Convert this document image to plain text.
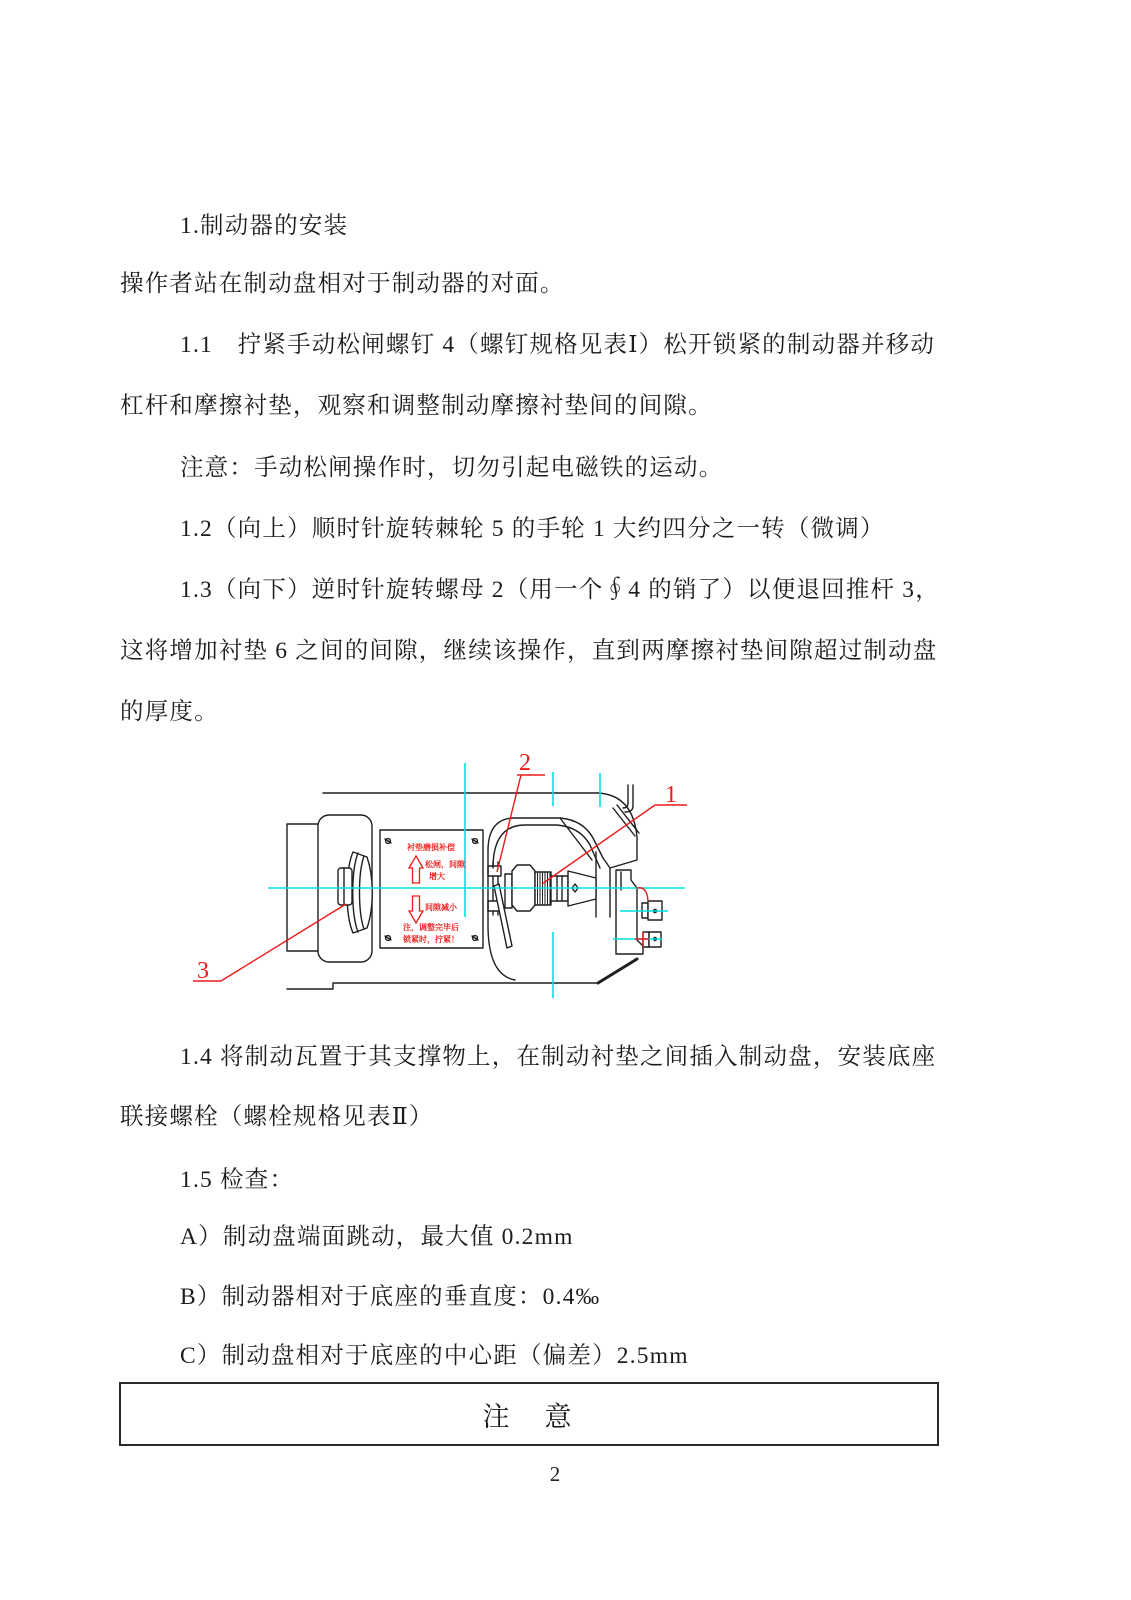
1.制动器的安装
操作者站在制动盘相对于制动器的对面。
1.1　拧紧手动松闸螺钉 4（螺钉规格见表Ⅰ）松开锁紧的制动器并移动
杠杆和摩擦衬垫，观察和调整制动摩擦衬垫间的间隙。
注意：手动松闸操作时，切勿引起电磁铁的运动。
1.2（向上）顺时针旋转棘轮 5 的手轮 1 大约四分之一转（微调）
1.3（向下）逆时针旋转螺母 2（用一个∮4 的销了）以便退回推杆 3，
这将增加衬垫 6 之间的间隙，继续该操作，直到两摩擦衬垫间隙超过制动盘
的厚度。
1.4 将制动瓦置于其支撑物上，在制动衬垫之间插入制动盘，安装底座
联接螺栓（螺栓规格见表Ⅱ）
1.5 检查：
A）制动盘端面跳动，最大值 0.2mm
B）制动器相对于底座的垂直度：0.4‰
C）制动盘相对于底座的中心距（偏差）2.5mm
1
2
3
衬垫磨损补偿
松闸，间隙
增大
间隙减小
注，调整完毕后
锁紧时，拧紧！
注　意
2
